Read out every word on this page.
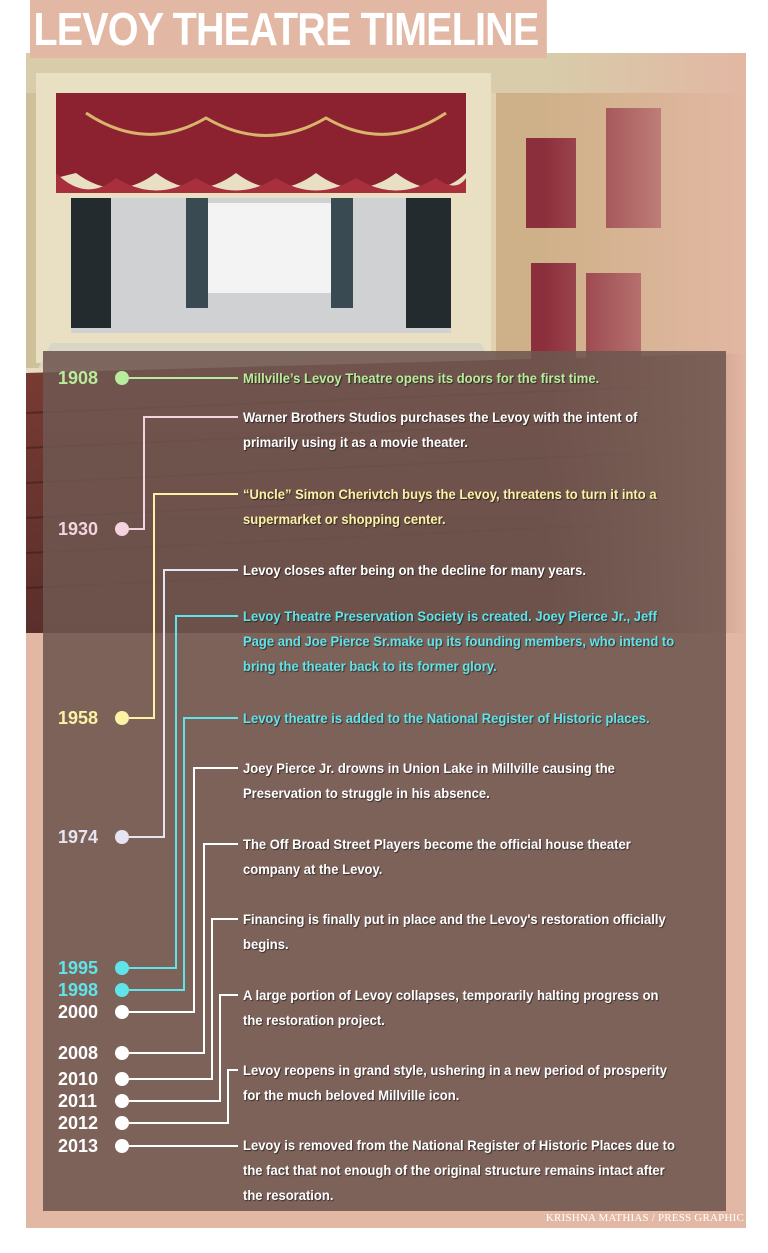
LEVOY THEATRE TIMELINE
1908
1930
1958
1974
1995
1998
2000
2008
2010
2011
2012
2013
Millville’s Levoy Theatre opens its doors for the first time.
Warner Brothers Studios purchases the Levoy with the intent of primarily using it as a movie theater.
“Uncle” Simon Cherivtch buys the Levoy, threatens to turn it into a supermarket or shopping center.
Levoy closes after being on the decline for many years.
Levoy Theatre Preservation Society is created. Joey Pierce Jr., Jeff Page and Joe Pierce Sr.make up its founding members, who intend to bring the theater back to its former glory.
Levoy theatre is added to the National Register of Historic places.
Joey Pierce Jr. drowns in Union Lake in Millville causing the Preservation to struggle in his absence.
The Off Broad Street Players become the official house theater company at the Levoy.
Financing is finally put in place and the Levoy's restoration officially begins.
A large portion of Levoy collapses, temporarily halting progress on the restoration project.
Levoy reopens in grand style, ushering in a new period of prosperity for the much beloved Millville icon.
Levoy is removed from the National Register of Historic Places due to the fact that not enough of the original structure remains intact after the resoration.
KRISHNA MATHIAS / PRESS GRAPHIC
